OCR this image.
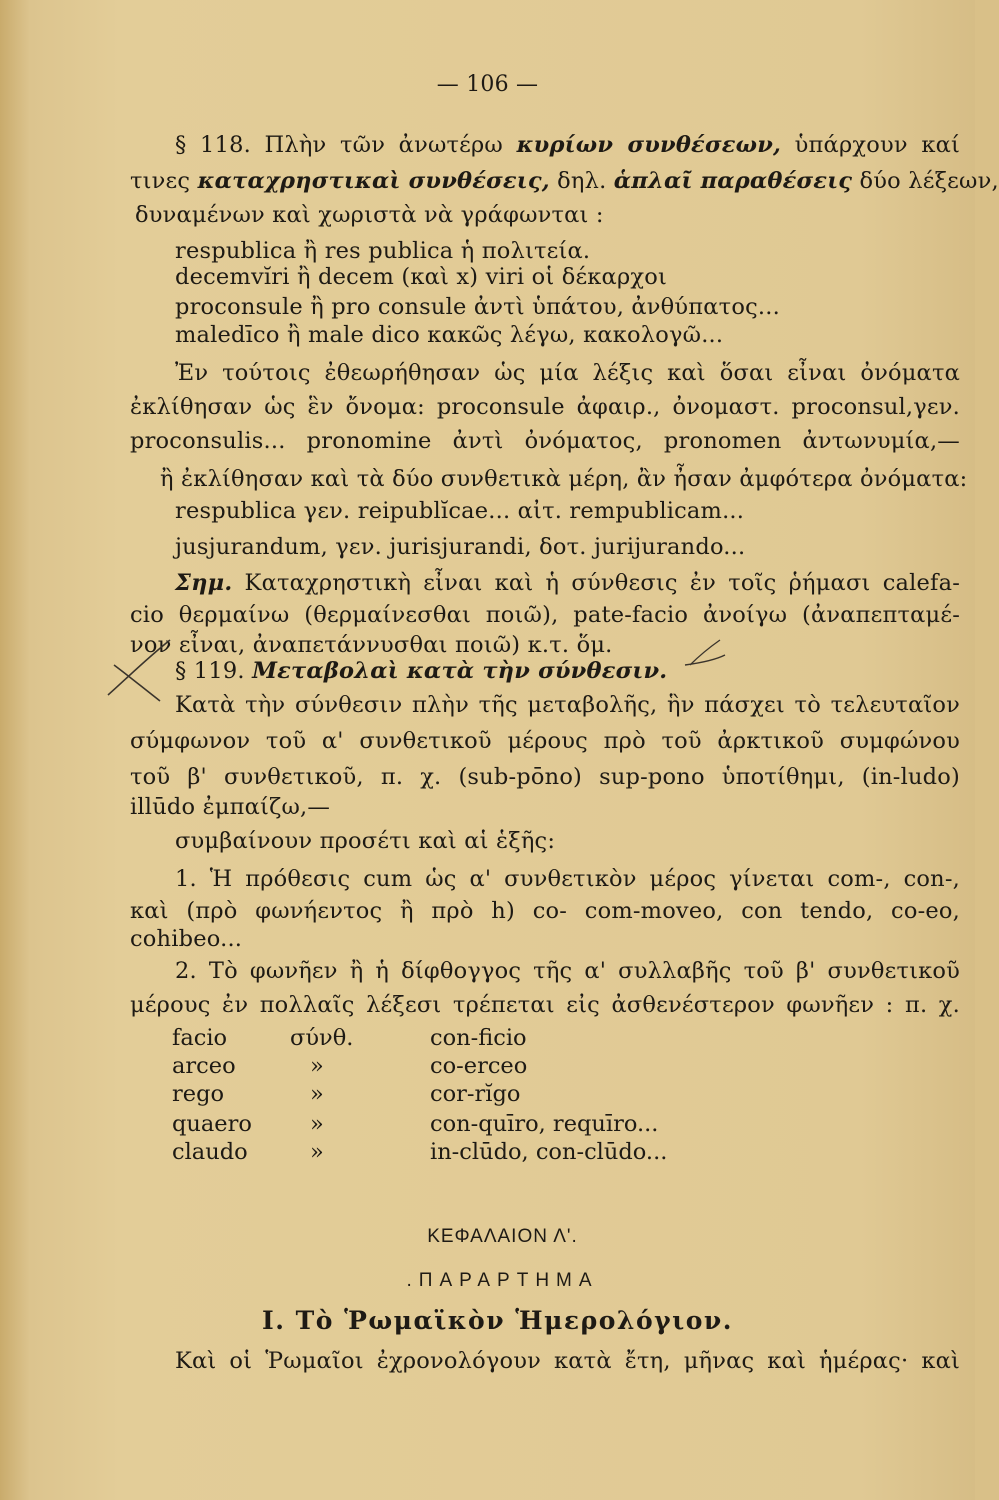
— 106 —
§ 118. Πλὴν τῶν ἀνωτέρω κυρίων συνθέσεων, ὑπάρχουν καί
τινες καταχρηστικαὶ συνθέσεις, δηλ. ἁπλαῖ παραθέσεις δύο λέξεων,
δυναμένων καὶ χωριστὰ νὰ γράφωνται :
respublica ἢ res publica ἡ πολιτεία.
decemvĭri ἢ decem (καὶ x) viri οἱ δέκαρχοι
proconsule ἢ pro consule ἀντὶ ὑπάτου, ἀνθύπατος...
maledīco ἢ male dico κακῶς λέγω, κακολογῶ...
Ἐν τούτοις ἐθεωρήθησαν ὡς μία λέξις καὶ ὅσαι εἶναι ὀνόματα
ἐκλίθησαν ὡς ἓν ὄνομα: proconsule ἀφαιρ., ὀνομαστ. proconsul,γεν.
proconsulis... pronomine ἀντὶ ὀνόματος, pronomen ἀντωνυμία,—
ἢ ἐκλίθησαν καὶ τὰ δύο συνθετικὰ μέρη, ἂν ἦσαν ἀμφότερα ὀνόματα:
respublica γεν. reipublĭcae... αἰτ. rempublicam...
jusjurandum, γεν. jurisjurandi, δοτ. jurijurando...
Σημ. Καταχρηστικὴ εἶναι καὶ ἡ σύνθεσις ἐν τοῖς ῥήμασι calefa-
cio θερμαίνω (θερμαίνεσθαι ποιῶ), pate-facio ἀνοίγω (ἀναπεπταμέ-
νον εἶναι, ἀναπετάννυσθαι ποιῶ) κ.τ. ὅμ.
§ 119. Μεταβολαὶ κατὰ τὴν σύνθεσιν.
Κατὰ τὴν σύνθεσιν πλὴν τῆς μεταβολῆς, ἣν πάσχει τὸ τελευταῖον
σύμφωνον τοῦ α' συνθετικοῦ μέρους πρὸ τοῦ ἀρκτικοῦ συμφώνου
τοῦ β' συνθετικοῦ, π. χ. (sub-pōno) sup-pono ὑποτίθημι, (in-ludo)
illūdo ἐμπαίζω,—
συμβαίνουν προσέτι καὶ αἱ ἑξῆς:
1. Ἡ πρόθεσις cum ὡς α' συνθετικὸν μέρος γίνεται com-, con-,
καὶ (πρὸ φωνήεντος ἢ πρὸ h) co- com-moveo, con tendo, co-eo,
cohibeo...
2. Τὸ φωνῆεν ἢ ἡ δίφθογγος τῆς α' συλλαβῆς τοῦ β' συνθετικοῦ
μέρους ἐν πολλαῖς λέξεσι τρέπεται εἰς ἀσθενέστερον φωνῆεν : π. χ.
facio	σύνθ.	con-ficio
arceo	»	co-erceo
rego	»	cor-rĭgo
quaero	»	con-quīro, requīro...
claudo	»	in-clūdo, con-clūdo...
ΚΕΦΑΛΑΙΟΝ Λ'.
.ΠΑΡΑΡΤΗΜΑ
I. Τὸ Ῥωμαϊκὸν Ἡμερολόγιον.
Καὶ οἱ Ῥωμαῖοι ἐχρονολόγουν κατὰ ἔτη, μῆνας καὶ ἡμέρας· καὶ
